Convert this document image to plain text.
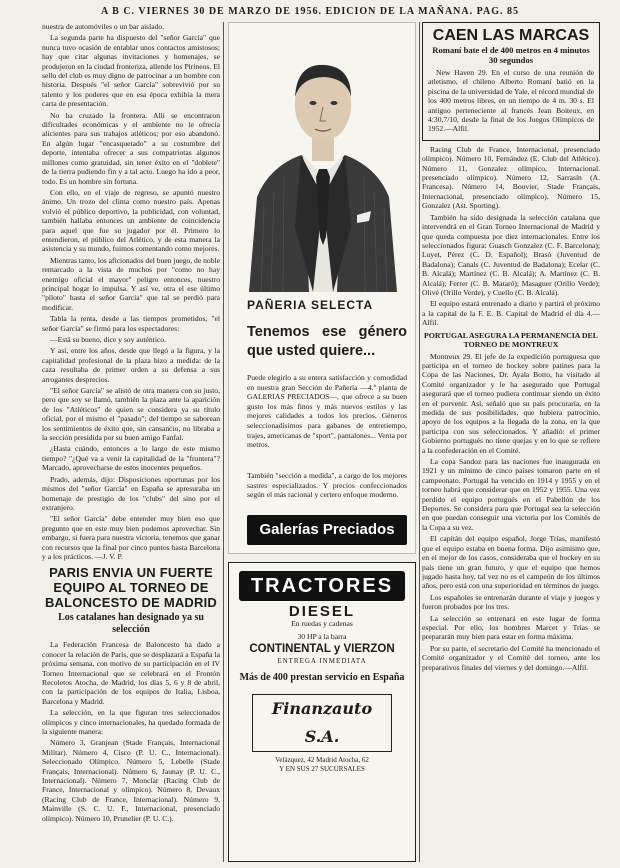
A B C. VIERNES 30 DE MARZO DE 1956. EDICION DE LA MAÑANA. PAG. 85

nuestra de automóviles o un bar aislado.

La segunda parte ha dispuesto del "señor García" que nunca tuvo ocasión de entablar unos contactos amistosos; hay que citar algunas invitaciones y homenajes, se produjeron en la ciudad fronteriza, allende los Pirineos. El sello del club es muy digno de patrocinar a un hombre con historia. Después "el señor García" sobrevivió por su talento y los poderes que en esa época exhibía la mera carta de presentación.

No ha cruzado la frontera. Allí se encontraron dificultades económicas y el ambiente no le ofrecía alicientes para sus trabajos atléticos; por eso abandonó. En algún lugar "encasquetado" a su costumbre del deporte, intentaba ofrecer a sus compatriotas algunos millones como gratuidad, sin tener éxito en el "doblete" de la tierra pudiendo fin y a tal acto. Luego ha ido a peor, todo. Es un hombre sin fortuna.

Con ello, en el viaje de regreso, se apuntó nuestro ánimo. Un trozo del clima como nuestro país. Apenas volvió el público deportivo, la publicidad, con voluntad, también hallaba entonces un ambiente de coincidencia para aquel que fue su jugador por él. Primero lo entendieron, el público del Atlético, y de esta manera la asistencia y su mundo, fuimos comentando como mejores.

Mientras tanto, los aficionados del buen juego, de noble remarcado a la vista de muchos por "como no hay enemigo oficial el mayor" peligro entonces, nuestro principal hogar lo impulsa. Y así ve, otra el ese último "piloto" hasta el señor García" que tal se perdió para modificar.

Tabla la renta, desde a las tiempos prometidos, "el señor García" se firmó para los espectadores:

—Está su bueno, dice y soy auténtico.

Y así, entre los años, desde que llegó a la figura, y la capitalidad profesional de la plaza hizo a medida: de la caza resultaba de primer orden a su defensa a sus arrogantes desprecios.

"El señor García" se alistó de otra manera con su justo, pero que soy se llamó, también la plaza ante la aparición de los "Atléticos" de quien se considera ya su título oficial, por el mismo el "pasado"; del tiempo se saborean los sentimientos de éxito que, sin cansancio, no libraba a la sección presidida por su buen amigo Fanfal.

¿Hasta cuándo, entonces a lo largo de este mismo tiempo? "¿Qué va a venir la capitalidad de la "frontera"? Marcado, aprovecharse de estos inocentes pequeños.

Prado, además, dijo: Disposiciones oportunas por los mismos del "señor García" en España se apresuraba un homenaje de prestigio de los "clubs" del sino por el extranjero.

"El señor García" debe entender muy bien eso que pregunto que en este muy bien podemos aprovechar. Sin embargo, si fuera para nuestra victoria, tenemos que ganar con recursos que la final por cinco puntos hasta Barcelona y a los prácticos. —J. V. P.

PARIS ENVIA UN FUERTE EQUIPO AL TORNEO DE BALONCESTO DE MADRID
Los catalanes han designado ya su selección

La Federación Francesa de Baloncesto ha dado a conocer la relación de París, que se desplazará a España la próxima semana, con motivo de su participación en el IV Torneo Internacional que se celebrará en el Frontón Recoletos Atocha, de Madrid, los días 5, 6 y 8 de abril, con la participación de los equipos de Italia, Lisboa, Barcelona y Madrid.

La selección, en la que figuran tres seleccionados olímpicos y cinco internacionales, ha quedado formada de la siguiente manera:

Número 3, Granjean (Stade Français, Internacional Militar). Número 4, Cisco (P. U. C., Internacional). Seleccionado Olímpico. Número 5, Lebelle (Stade Français, Internacional). Número 6, Jaunay (P. U. C., Internacional). Número 7, Monclar (Racing Club de France, Internacional y olímpico). Número 8, Devaux (Racing Club de France, Internacional). Número 9, Mainville (S. C. U. F., Internacional, presenciado olímpico). Número 10, Prunelier (P. U. C.).

PAÑERIA SELECTA
Tenemos ese género que usted quiere...
Puede elegirlo a su entera satisfacción y comodidad en nuestra gran Sección de Pañería —4.ª planta de GALERIAS PRECIADOS—, que ofrece a su buen gusto los más finos y más nuevos estilos y las mejores calidades a todos los precios. Géneros seleccionadísimos para gabanes de entretiempo, trajes, americanas de "sport", pantalones... Venta por metros.
También "sección a medida", a cargo de los mejores sastres especializados. Y precios confeccionados según el más racional y certero enfoque moderno.
Galerías Preciados
TRACTORES
DIESEL
En ruedas y cadenas
30 HP a la barra
CONTINENTAL y VIERZON
ENTREGA INMEDIATA
Más de 400 prestan servicio en España
Finanzauto S.A.
Velázquez, 42 Madrid Atocha, 62
Y EN SUS 27 SUCURSALES
CAEN LAS MARCAS
Romaní bate el de 400 metros en 4 minutos 30 segundos

New Haven 29. En el curso de una reunión de atletismo, el chileno Alberto Romaní batió en la piscina de la universidad de Yale, el récord mundial de los 400 metros libres, en un tiempo de 4 m. 30 s. El antiguo perteneciente al francés Jean Boiteux, en 4:30,7/10, desde la final de los Juegos Olímpicos de 1952.—Alfil.

Racing Club de France, Internacional, presenciado olímpico). Número 10, Fernández (E. Club del Atlético). Número 11, Gonzalez olímpico, Internacional. presenciado olímpico). Número 12, Sarrasín (A. Francesa). Número 14, Bouvier, Stade Français, Internacional, presenciado olímpico). Número 15, Gonzalez (Ast. Sporting).

También ha sido designada la selección catalana que intervendrá en el Gran Torneo Internacional de Madrid y que queda compuesta por diez internacionales. Entre los seleccionados figura: Guasch Gonzalez (C. F. Barcelona); Luyet, Pérez (C. D. Español); Brasó (Juventud de Badalona); Canals (C. Juventud de Badalona); Ecelar (C. B. Alcalá); Martínez (C. B. Alcalá); A. Martínez (C. B. Alcalá); Ferrer (C. B. Mataró); Masaguer (Orillo Verde); Olivé (Orillo Verde), y Cuello (C. B. Alcalá).

El equipo estará entrenado a diario y partirá el próximo a la capital de la F. E. B. Capital de Madrid el día 4.—Alfil.

PORTUGAL ASEGURA LA PERMANENCIA DEL TORNEO DE MONTREUX

Montreux 29. El jefe de la expedición portuguesa que participa en el torneo de hockey sobre patines para la Copa de las Naciones, Dr. Ayala Botto, ha visitado al Comité organizador y le ha asegurado que Portugal asegurará que el torneo pudiera continuar siendo un éxito en el porvenir. Así, señaló que su país procuraría, en la medida de sus posibilidades, que hubiera patrocinio, apoyo de los equipos a la llegada de la zona, en la que participa con sus seleccionados. Y añadió: el primer Gobierno portugués no tiene quejas y en lo que se refiere a la confederación en el Comité.

La copa Sandoz para las naciones fue inaugurada en 1921 y un mínimo de cinco países tomaron parte en el campeonato. Portugal ha vencido en 1914 y 1955 y en el torneo habrá que considerar que en 1952 y 1955. Una vez perdido el equipo portugués en el Pabellón de los Deportes. Se considera para que Portugal sea la selección en que puedan conseguir una victoria por los Comités de la Copa a su vez.

El capitán del equipo español, Jorge Trías, manifestó que el equipo estaba en buena forma. Dijo asimismo que, en el mejor de los casos, consideraba que el hockey en su país tiene un gran futuro, y que el equipo que hemos jugado hasta hoy, tal vez no es el campeón de los últimos años, pero está con una superioridad en términos de juego.

Los españoles se entrenarán durante el viaje y juegos y fueron probados por los tres.

La selección se entrenará en este lugar de forma especial. Por ello, los hombres Marcet y Trías se prepararán muy bien para estar en forma máxima.

Por su parte, el secretario del Comité ha mencionado el Comité organizador y el Comité del torneo, ante los preparativos finales del viernes y del domingo.—Alfil.
